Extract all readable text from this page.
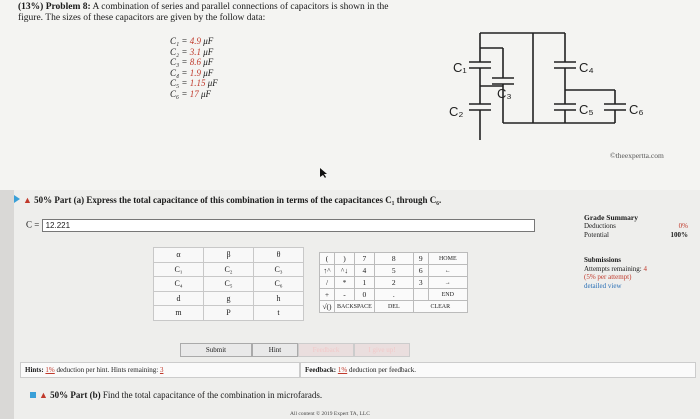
(13%) Problem 8: A combination of series and parallel connections of capacitors is shown in the figure. The sizes of these capacitors are given by the follow data:
C₁ = 4.9 μF
C₂ = 3.1 μF
C₃ = 8.6 μF
C₄ = 1.9 μF
C₅ = 1.15 μF
C₆ = 17 μF
C₁
C₂
C₃
C₄
C₅	C₆
©theexpertta.com
▲ 50% Part (a) Express the total capacitance of this combination in terms of the capacitances C₁ through C₆.
C = 12.221
Grade Summary
Deductions	0%
Potential	100%
Submissions
Attempts remaining: 4
(5% per attempt)
detailed view
α	β	θ
C₁	C₂	C₃
C₄	C₅	C₆
d	g	h
m	P	t
(	)	7	8	9	HOME
↑^	^↓	4	5	6	←
/	*	1	2	3	→
+	-	0	.		END
√()	BACKSPACE		DEL	CLEAR	
Submit	Hint	Feedback	I give up!
Hints: 1% deduction per hint. Hints remaining: 3	Feedback: 1% deduction per feedback.
▲ 50% Part (b) Find the total capacitance of the combination in microfarads.
All content © 2019 Expert TA, LLC
